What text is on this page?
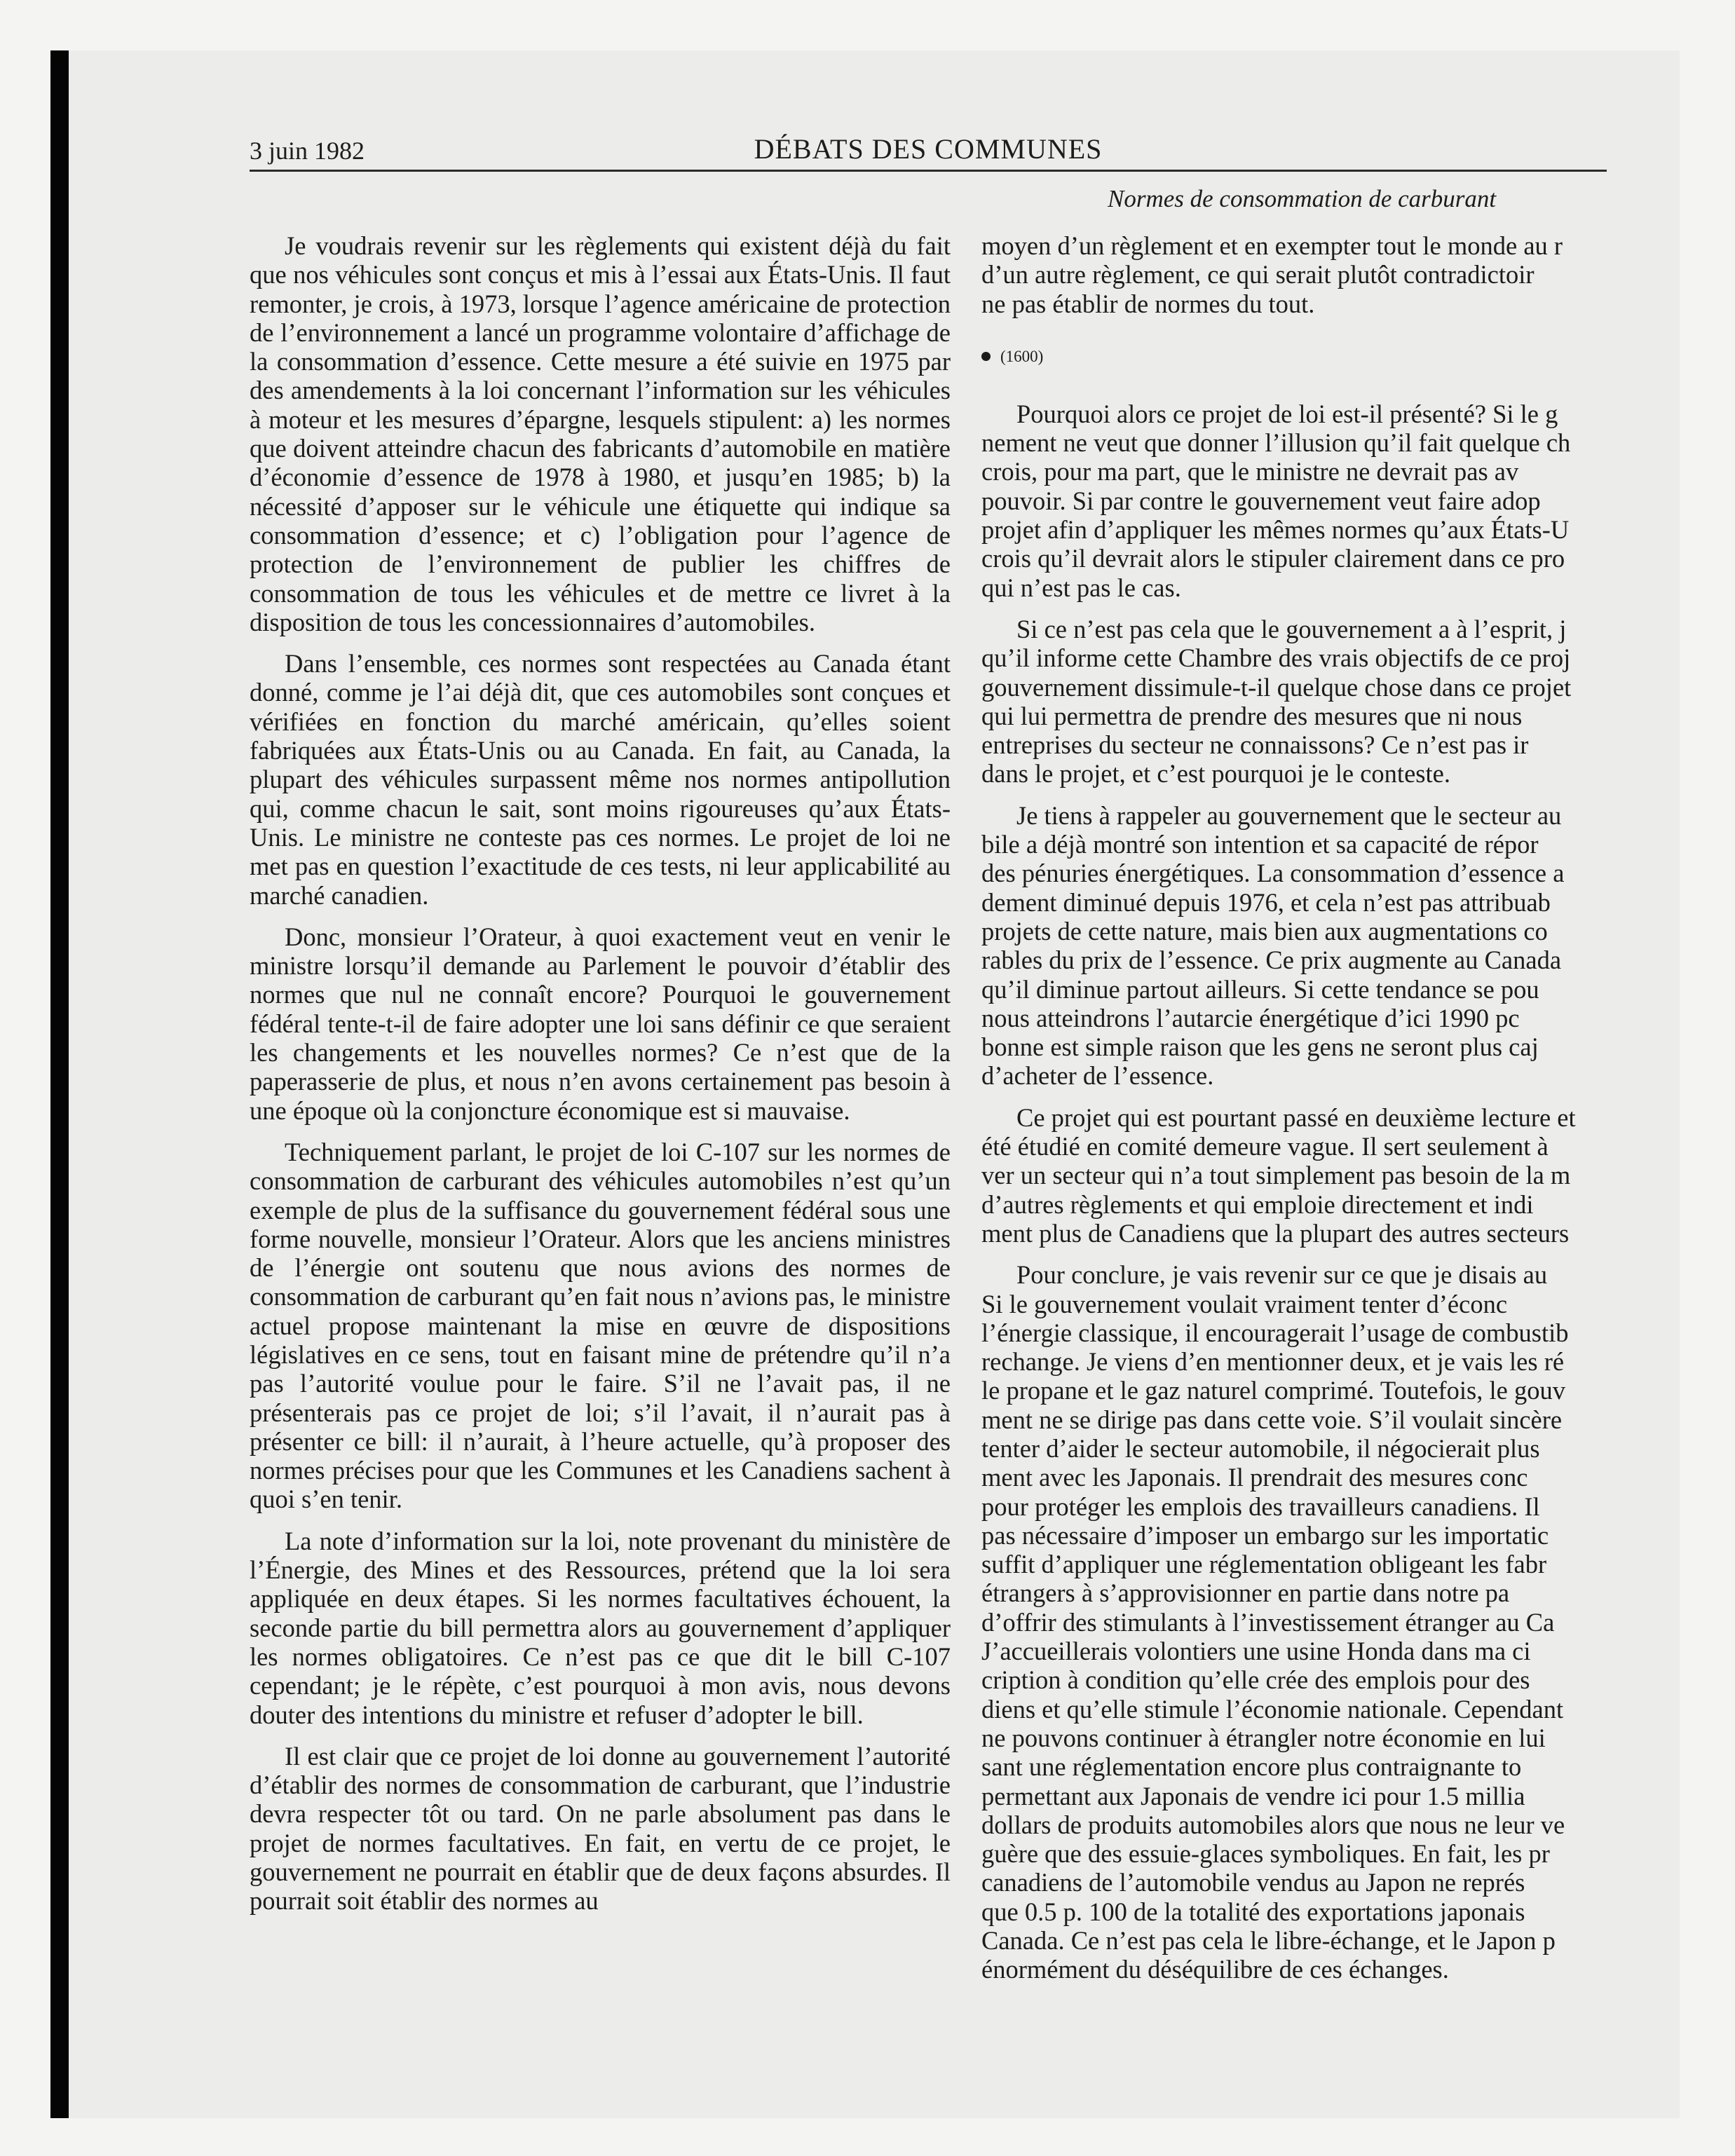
3 juin 1982	DÉBATS DES COMMUNES
Normes de consommation de carburant

Je voudrais revenir sur les règlements qui existent déjà du fait que nos véhicules sont conçus et mis à l’essai aux États-Unis. Il faut remonter, je crois, à 1973, lorsque l’agence américaine de protection de l’environnement a lancé un programme volontaire d’affichage de la consommation d’essence. Cette mesure a été suivie en 1975 par des amendements à la loi concernant l’information sur les véhicules à moteur et les mesures d’épargne, lesquels stipulent: a) les normes que doivent atteindre chacun des fabricants d’automobile en matière d’économie d’essence de 1978 à 1980, et jusqu’en 1985; b) la nécessité d’apposer sur le véhicule une étiquette qui indique sa consommation d’essence; et c) l’obligation pour l’agence de protection de l’environnement de publier les chiffres de consommation de tous les véhicules et de mettre ce livret à la disposition de tous les concessionnaires d’automobiles.

Dans l’ensemble, ces normes sont respectées au Canada étant donné, comme je l’ai déjà dit, que ces automobiles sont conçues et vérifiées en fonction du marché américain, qu’elles soient fabriquées aux États-Unis ou au Canada. En fait, au Canada, la plupart des véhicules surpassent même nos normes antipollution qui, comme chacun le sait, sont moins rigoureuses qu’aux États-Unis. Le ministre ne conteste pas ces normes. Le projet de loi ne met pas en question l’exactitude de ces tests, ni leur applicabilité au marché canadien.

Donc, monsieur l’Orateur, à quoi exactement veut en venir le ministre lorsqu’il demande au Parlement le pouvoir d’établir des normes que nul ne connaît encore? Pourquoi le gouvernement fédéral tente-t-il de faire adopter une loi sans définir ce que seraient les changements et les nouvelles normes? Ce n’est que de la paperasserie de plus, et nous n’en avons certainement pas besoin à une époque où la conjoncture économique est si mauvaise.

Techniquement parlant, le projet de loi C-107 sur les normes de consommation de carburant des véhicules automobiles n’est qu’un exemple de plus de la suffisance du gouvernement fédéral sous une forme nouvelle, monsieur l’Orateur. Alors que les anciens ministres de l’énergie ont soutenu que nous avions des normes de consommation de carburant qu’en fait nous n’avions pas, le ministre actuel propose maintenant la mise en œuvre de dispositions législatives en ce sens, tout en faisant mine de prétendre qu’il n’a pas l’autorité voulue pour le faire. S’il ne l’avait pas, il ne présenterais pas ce projet de loi; s’il l’avait, il n’aurait pas à présenter ce bill: il n’aurait, à l’heure actuelle, qu’à proposer des normes précises pour que les Communes et les Canadiens sachent à quoi s’en tenir.

La note d’information sur la loi, note provenant du ministère de l’Énergie, des Mines et des Ressources, prétend que la loi sera appliquée en deux étapes. Si les normes facultatives échouent, la seconde partie du bill permettra alors au gouvernement d’appliquer les normes obligatoires. Ce n’est pas ce que dit le bill C-107 cependant; je le répète, c’est pourquoi à mon avis, nous devons douter des intentions du ministre et refuser d’adopter le bill.

Il est clair que ce projet de loi donne au gouvernement l’autorité d’établir des normes de consommation de carburant, que l’industrie devra respecter tôt ou tard. On ne parle absolument pas dans le projet de normes facultatives. En fait, en vertu de ce projet, le gouvernement ne pourrait en établir que de deux façons absurdes. Il pourrait soit établir des normes au

moyen d’un règlement et en exempter tout le monde au r
d’un autre règlement, ce qui serait plutôt contradictoir
ne pas établir de normes du tout.

(1600)

Pourquoi alors ce projet de loi est-il présenté? Si le g
nement ne veut que donner l’illusion qu’il fait quelque ch
crois, pour ma part, que le ministre ne devrait pas av
pouvoir. Si par contre le gouvernement veut faire adop
projet afin d’appliquer les mêmes normes qu’aux États-U
crois qu’il devrait alors le stipuler clairement dans ce pro
qui n’est pas le cas.

Si ce n’est pas cela que le gouvernement a à l’esprit, j
qu’il informe cette Chambre des vrais objectifs de ce proj
gouvernement dissimule-t-il quelque chose dans ce projet
qui lui permettra de prendre des mesures que ni nous
entreprises du secteur ne connaissons? Ce n’est pas ir
dans le projet, et c’est pourquoi je le conteste.

Je tiens à rappeler au gouvernement que le secteur au
bile a déjà montré son intention et sa capacité de répor
des pénuries énergétiques. La consommation d’essence a
dement diminué depuis 1976, et cela n’est pas attribuab
projets de cette nature, mais bien aux augmentations co
rables du prix de l’essence. Ce prix augmente au Canada
qu’il diminue partout ailleurs. Si cette tendance se pou
nous atteindrons l’autarcie énergétique d’ici 1990 pc
bonne est simple raison que les gens ne seront plus caj
d’acheter de l’essence.

Ce projet qui est pourtant passé en deuxième lecture et
été étudié en comité demeure vague. Il sert seulement à
ver un secteur qui n’a tout simplement pas besoin de la m
d’autres règlements et qui emploie directement et indi
ment plus de Canadiens que la plupart des autres secteurs

Pour conclure, je vais revenir sur ce que je disais au
Si le gouvernement voulait vraiment tenter d’éconc
l’énergie classique, il encouragerait l’usage de combustib
rechange. Je viens d’en mentionner deux, et je vais les ré
le propane et le gaz naturel comprimé. Toutefois, le gouv
ment ne se dirige pas dans cette voie. S’il voulait sincère
tenter d’aider le secteur automobile, il négocierait plus
ment avec les Japonais. Il prendrait des mesures conc
pour protéger les emplois des travailleurs canadiens. Il
pas nécessaire d’imposer un embargo sur les importatic
suffit d’appliquer une réglementation obligeant les fabr
étrangers à s’approvisionner en partie dans notre pa
d’offrir des stimulants à l’investissement étranger au Ca
J’accueillerais volontiers une usine Honda dans ma ci
cription à condition qu’elle crée des emplois pour des
diens et qu’elle stimule l’économie nationale. Cependant
ne pouvons continuer à étrangler notre économie en lui
sant une réglementation encore plus contraignante to
permettant aux Japonais de vendre ici pour 1.5 millia
dollars de produits automobiles alors que nous ne leur ve
guère que des essuie-glaces symboliques. En fait, les pr
canadiens de l’automobile vendus au Japon ne représ
que 0.5 p. 100 de la totalité des exportations japonais
Canada. Ce n’est pas cela le libre-échange, et le Japon p
énormément du déséquilibre de ces échanges.
